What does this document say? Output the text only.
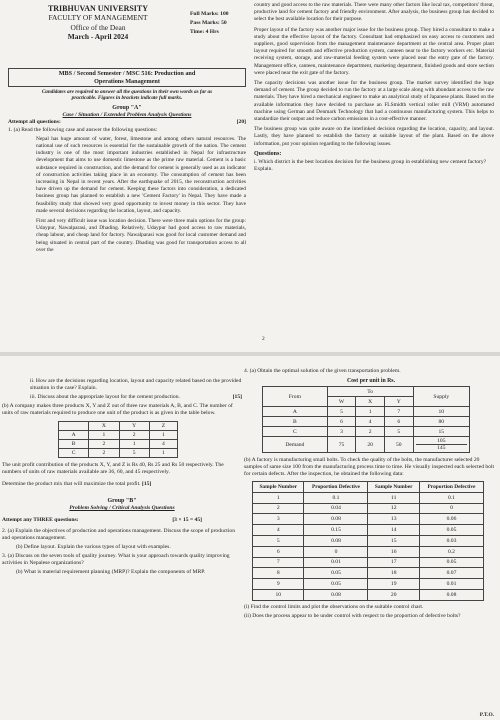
TRIBHUVAN UNIVERSITY
FACULTY OF MANAGEMENT
Office of the Dean
March - April 2024
Full Marks: 100
Pass Marks: 50
Time: 4 Hrs
MBS / Second Semester / MSC 516: Production and
Operations Management
Candidates are required to answer all the questions in their own words as far as
practicable. Figures in brackets indicate full marks.
Group "A"
Case / Situation / Extended Problem Analysis Questions
Attempt all questions:	[20]
1. (a) Read the following case and answer the following questions:
Nepal has huge amount of water, forest, limestone and among others natural resources. The national use of such resources is essential for the sustainable growth of the nation. The cement industry is one of the most important industries established in Nepal for infrastructure development that aims to use domestic limestone as the prime raw material. Cement is a basic substance required in construction, and the demand for cement is generally used as an indicator of construction activities taking place in an economy. The consumption of cement has been increasing in Nepal in recent years. After the earthquake of 2015, the reconstruction activities have driven up the demand for cement. Keeping these factors into consideration, a dedicated business group has planned to establish a new 'Cement Factory' in Nepal. They have made a feasibility study that showed very good opportunity to invest money in this sector. They have made several decisions regarding the location, layout, and capacity.
First and very difficult issue was location decision. There were three main options for the group: Udaypur, Nawalparasi, and Dhading. Relatively, Udaypur had good access to raw materials, cheap labour, and cheap land for factory. Nawalparasi was good for local customer demand and being situated in central part of the country. Dhading was good for transportation access to all over the
country and good access to the raw materials. There were many other factors like local tax, competitors' threat, productive land for cement factory and friendly environment. After analysis, the business group has decided to select the best available location for their purpose.
Proper layout of the factory was another major issue for the business group. They hired a consultant to make a study about the effective layout of the factory. Consultant had emphasized on easy access to customers and suppliers, good supervision from the management maintenance department at the central area. Proper plant layout required for smooth and effective production system, canteen near to the factory workers etc. Material receiving system, storage, and raw-material feeding system were placed near the entry gate of the factory. Management office, canteen, maintenance department, marketing department, finished goods and store section were placed near the exit gate of the factory.
The capacity decisions was another issue for the business group. The market survey identified the huge demand of cement. The group decided to run the factory at a large scale along with abundant access to the raw materials. They have hired a mechanical engineer to make an analytical study of Japanese plants. Based on the available information they have decided to purchase an FLSmidth vertical roller mill (VRM) automated machine using German and Denmark Technology that had a continuous manufacturing system. This helps to standardize their output and reduce carbon emissions in a cost-effective manner.
The business group was quite aware on the interlinked decision regarding the location, capacity, and layout. Lastly, they have planned to establish the factory at suitable layout of the plant. Based on the above information, put your opinion regarding to the following issues.
Questions:
i. Which district is the best location decision for the business group in establishing new cement factory? Explain.
2
ii. How are the decisions regarding location, layout and capacity related based on the provided situation in the case? Explain.
iii. Discuss about the appropriate layout for the cement production.	[15]
(b) A company makes three products X, Y and Z out of three raw materials A, B, and C. The number of units of raw materials required to produce one unit of the product is as given in the table below.
	X	Y	Z
A	1	2	1
B	2	1	4
C	2	5	1
The unit profit contribution of the products X, Y, and Z is Rs 40, Rs 25 and Rs 50 respectively. The numbers of units of raw materials available are 36, 60, and 45 respectively.
Determine the product mix that will maximize the total profit. [15]
Group "B"
Problem Solving / Critical Analysis Questions
Attempt any THREE questions:	[3 × 15 = 45]
2. (a) Explain the objectives of production and operations management. Discuss the scope of production and operations management.
(b) Define layout. Explain the various types of layout with examples.
3. (a) Discuss on the seven tools of quality journey. What is your approach towards quality improving activities in Nepalese organizations?
(b) What is material requirement planning (MRP)? Explain the components of MRP.
4. (a) Obtain the optimal solution of the given transportation problem.
Cost per unit in Rs.
From	To			Supply
	W	X	Y	
A	5	1	7	10
B	6	4	6	80
C	3	2	5	15
Demand	75	20	50	105
145
(b) A factory is manufacturing small bolts. To check the quality of the bolts, the manufacturer selected 20 samples of same size 100 from the manufacturing process time to time. He visually inspected each selected bolt for certain defects. After the inspection, he obtained the following data:
Sample Number	Proportion Defective	Sample Number	Proportion Defective
1	0.1	11	0.1
2	0.04	12	0
3	0.08	13	0.06
4	0.15	14	0.05
5	0.08	15	0.03
6	0	16	0.2
7	0.01	17	0.05
8	0.05	18	0.07
9	0.05	19	0.01
10	0.08	20	0.08
(i) Find the control limits and plot the observations on the suitable control chart.
(ii) Does the process appear to be under control with respect to the proportion of defective bolts?
P.T.O.
